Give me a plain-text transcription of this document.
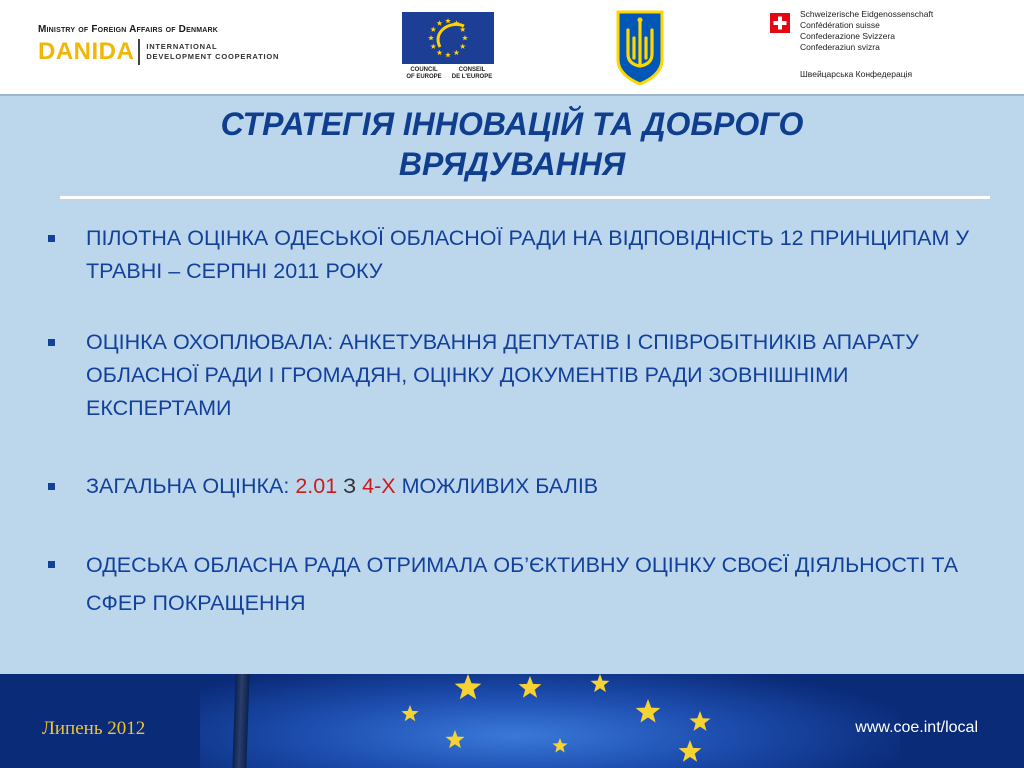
Ministry of Foreign Affairs of Denmark
DANIDA INTERNATIONAL
DEVELOPMENT COOPERATION
COUNCIL
OF EUROPE
CONSEIL
DE L'EUROPE
Schweizerische Eidgenossenschaft
Confédération suisse
Confederazione Svizzera
Confederaziun svizra
Швейцарська Конфедерація
СТРАТЕГІЯ ІННОВАЦІЙ ТА ДОБРОГО
ВРЯДУВАННЯ
ПІЛОТНА ОЦІНКА ОДЕСЬКОЇ ОБЛАСНОЇ РАДИ НА ВІДПОВІДНІСТЬ 12 ПРИНЦИПАМ У ТРАВНІ – СЕРПНІ 2011 РОКУ
ОЦІНКА ОХОПЛЮВАЛА: АНКЕТУВАННЯ ДЕПУТАТІВ І СПІВРОБІТНИКІВ АПАРАТУ ОБЛАСНОЇ РАДИ І ГРОМАДЯН, ОЦІНКУ ДОКУМЕНТІВ РАДИ ЗОВНІШНІМИ ЕКСПЕРТАМИ
ЗАГАЛЬНА ОЦІНКА: 2.01 З 4-Х МОЖЛИВИХ БАЛІВ
ОДЕСЬКА ОБЛАСНА РАДА ОТРИМАЛА ОБ’ЄКТИВНУ ОЦІНКУ СВОЄЇ ДІЯЛЬНОСТІ ТА СФЕР ПОКРАЩЕННЯ
Липень 2012	www.coe.int/local
